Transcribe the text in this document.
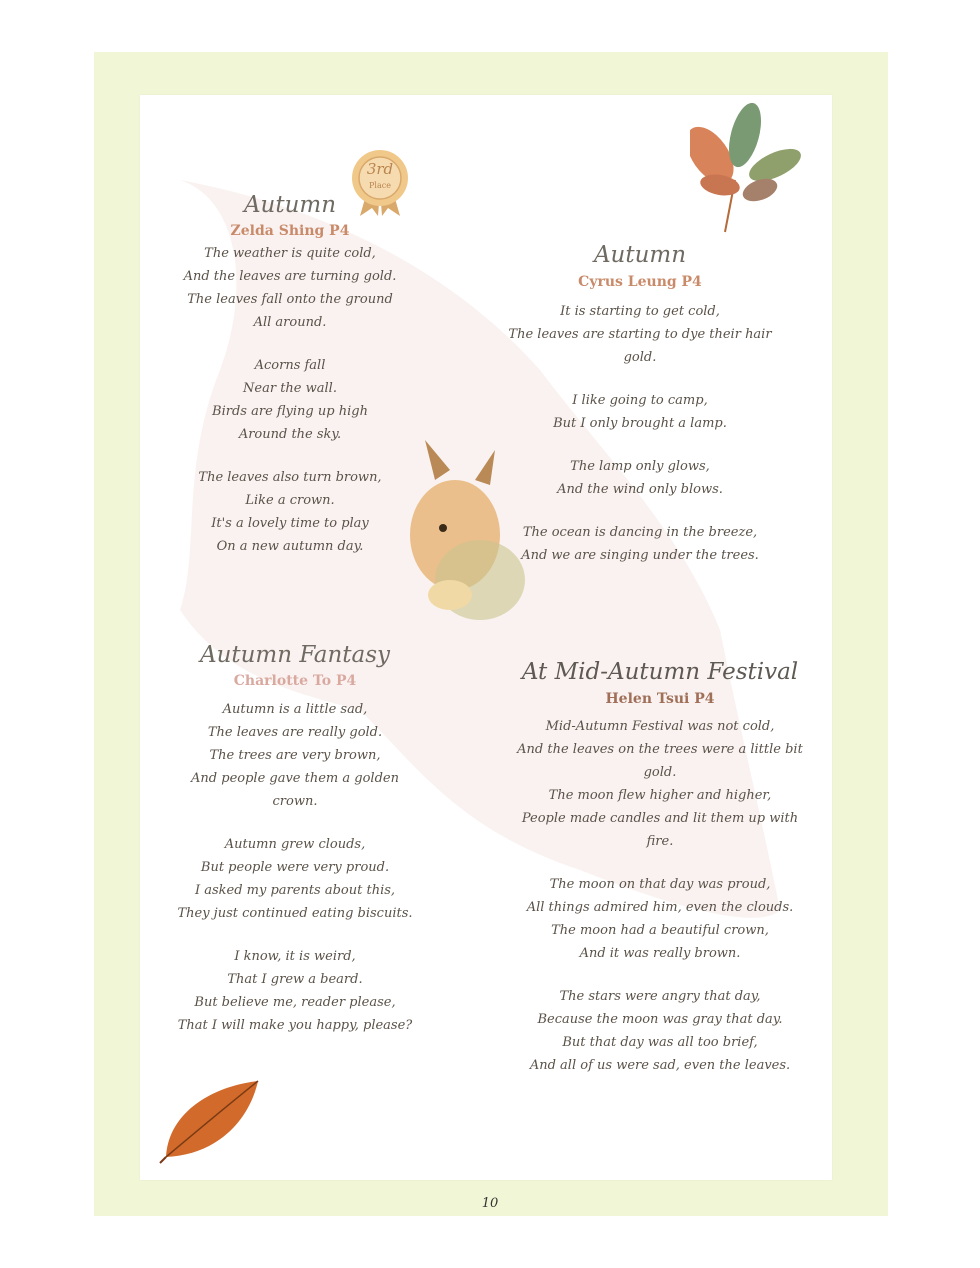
3rd
Place
Autumn
Zelda Shing P4
The weather is quite cold,
And the leaves are turning gold.
The leaves fall onto the ground
All around.
Acorns fall
Near the wall.
Birds are flying up high
Around the sky.
The leaves also turn brown,
Like a crown.
It's a lovely time to play
On a new autumn day.
Autumn
Cyrus Leung P4
It is starting to get cold,
The leaves are starting to dye their hair gold.
I like going to camp,
But I only brought a lamp.
The lamp only glows,
And the wind only blows.
The ocean is dancing in the breeze,
And we are singing under the trees.
Autumn Fantasy
Charlotte To P4
Autumn is a little sad,
The leaves are really gold.
The trees are very brown,
And people gave them a golden crown.
Autumn grew clouds,
But people were very proud.
I asked my parents about this,
They just continued eating biscuits.
I know, it is weird,
That I grew a beard.
But believe me, reader please,
That I will make you happy, please?
At Mid-Autumn Festival
Helen Tsui P4
Mid-Autumn Festival was not cold,
And the leaves on the trees were a little bit gold.
The moon flew higher and higher,
People made candles and lit them up with fire.
The moon on that day was proud,
All things admired him, even the clouds.
The moon had a beautiful crown,
And it was really brown.
The stars were angry that day,
Because the moon was gray that day.
But that day was all too brief,
And all of us were sad, even the leaves.
10
